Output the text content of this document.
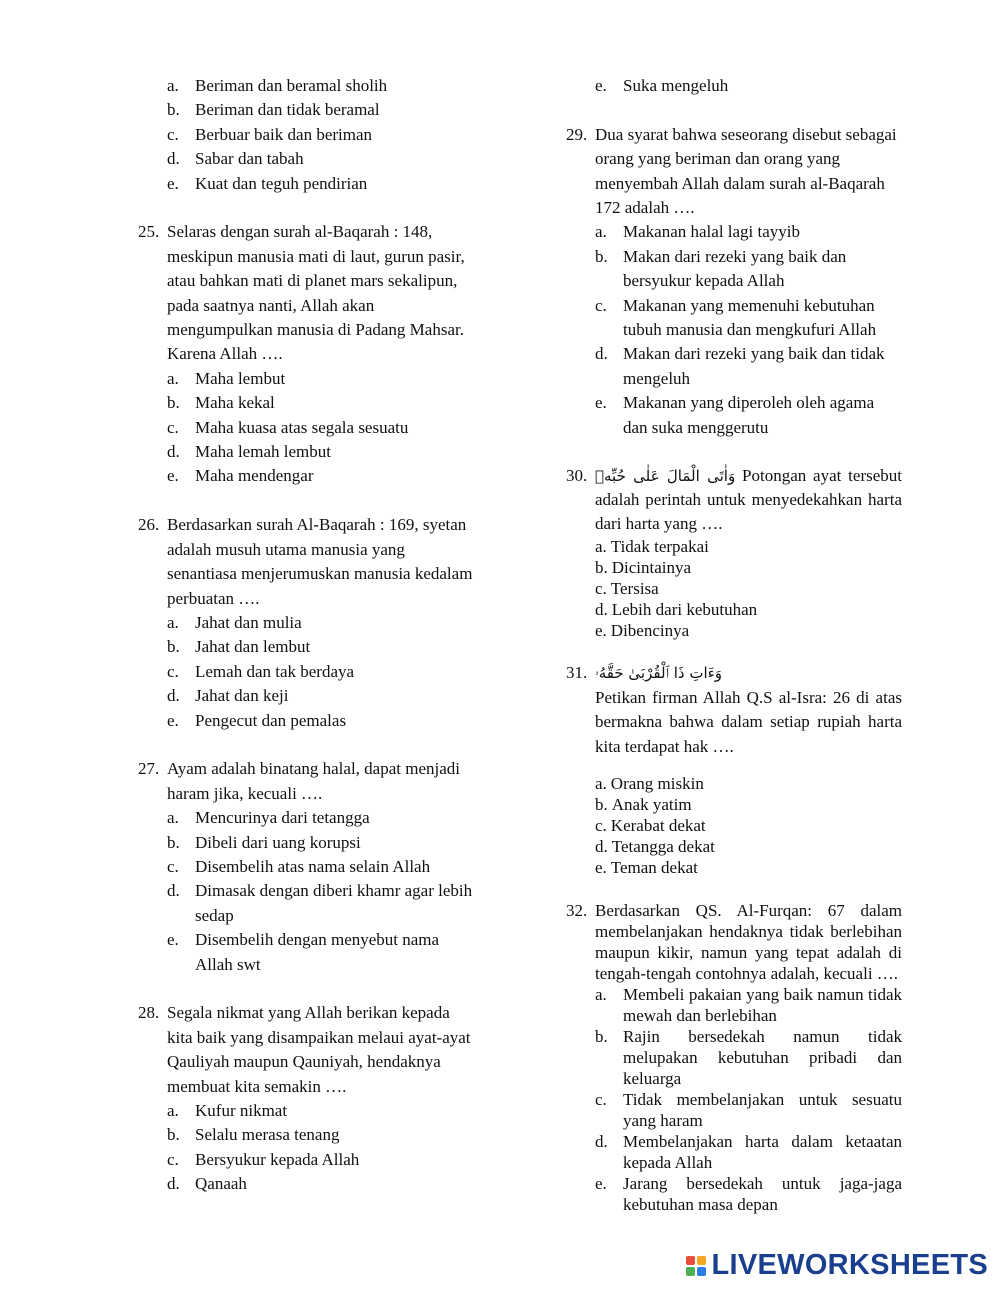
a. Beriman dan beramal sholih
b. Beriman dan tidak beramal
c. Berbuar baik dan beriman
d. Sabar dan tabah
e. Kuat dan teguh pendirian
25. Selaras dengan surah al-Baqarah : 148, meskipun manusia mati di laut, gurun pasir, atau bahkan mati di planet mars sekalipun, pada saatnya nanti, Allah akan mengumpulkan manusia di Padang Mahsar. Karena Allah ….
a. Maha lembut
b. Maha kekal
c. Maha kuasa atas segala sesuatu
d. Maha lemah lembut
e. Maha mendengar
26. Berdasarkan surah Al-Baqarah : 169, syetan adalah musuh utama manusia yang senantiasa menjerumuskan manusia kedalam perbuatan ….
a. Jahat dan mulia
b. Jahat dan lembut
c. Lemah dan tak berdaya
d. Jahat dan keji
e. Pengecut dan pemalas
27. Ayam adalah binatang halal, dapat menjadi haram jika, kecuali ….
a. Mencurinya dari tetangga
b. Dibeli dari uang korupsi
c. Disembelih atas nama selain Allah
d. Dimasak dengan diberi khamr agar lebih sedap
e. Disembelih dengan menyebut nama Allah swt
28. Segala nikmat yang Allah berikan kepada kita baik yang disampaikan melaui ayat-ayat Qauliyah maupun Qauniyah, hendaknya membuat kita semakin ….
a. Kufur nikmat
b. Selalu merasa tenang
c. Bersyukur kepada Allah
d. Qanaah
e. Suka mengeluh
29. Dua syarat bahwa seseorang disebut sebagai orang yang beriman dan orang yang menyembah Allah dalam surah al-Baqarah 172 adalah ….
a. Makanan halal lagi tayyib
b. Makan dari rezeki yang baik dan bersyukur kepada Allah
c. Makanan yang memenuhi kebutuhan tubuh manusia dan mengkufuri Allah
d. Makan dari rezeki yang baik dan tidak mengeluh
e. Makanan yang diperoleh oleh agama dan suka menggerutu
30. وَاٰتَى الْمَالَ عَلٰى حُبِّهٖ Potongan ayat tersebut adalah perintah untuk menyedekahkan harta dari harta yang ….
a. Tidak terpakai
b. Dicintainya
c. Tersisa
d. Lebih dari kebutuhan
e. Dibencinya
31. وَءَاتِ ذَا ٱلْقُرْبَىٰ حَقَّهُۥ
Petikan firman Allah Q.S al-Isra: 26 di atas bermakna bahwa dalam setiap rupiah harta kita terdapat hak ….
a. Orang miskin
b. Anak yatim
c. Kerabat dekat
d. Tetangga dekat
e. Teman dekat
32. Berdasarkan QS. Al-Furqan: 67 dalam membelanjakan hendaknya tidak berlebihan maupun kikir, namun yang tepat adalah di tengah-tengah contohnya adalah, kecuali ….
a. Membeli pakaian yang baik namun tidak mewah dan berlebihan
b. Rajin bersedekah namun tidak melupakan kebutuhan pribadi dan keluarga
c. Tidak membelanjakan untuk sesuatu yang haram
d. Membelanjakan harta dalam ketaatan kepada Allah
e. Jarang bersedekah untuk jaga-jaga kebutuhan masa depan
LIVEWORKSHEETS
